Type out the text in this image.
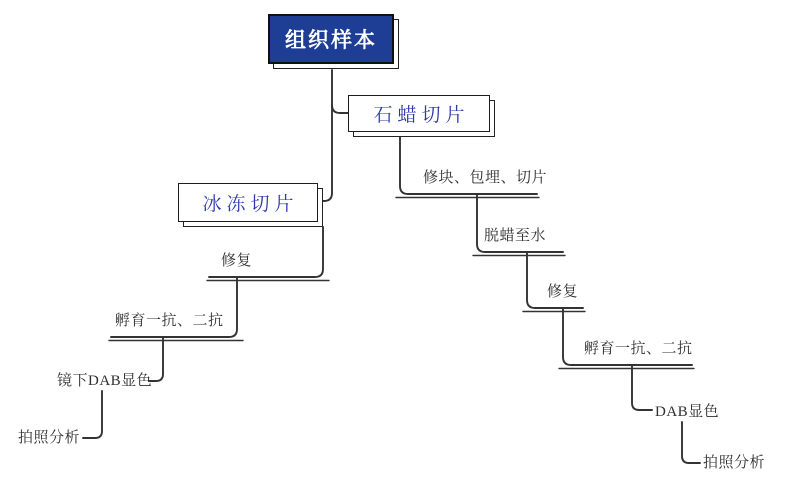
组织样本
石蜡切片
冰冻切片
修复
孵育一抗、二抗
镜下DAB显色
拍照分析
修块、包埋、切片
脱蜡至水
修复
孵育一抗、二抗
DAB显色
拍照分析
